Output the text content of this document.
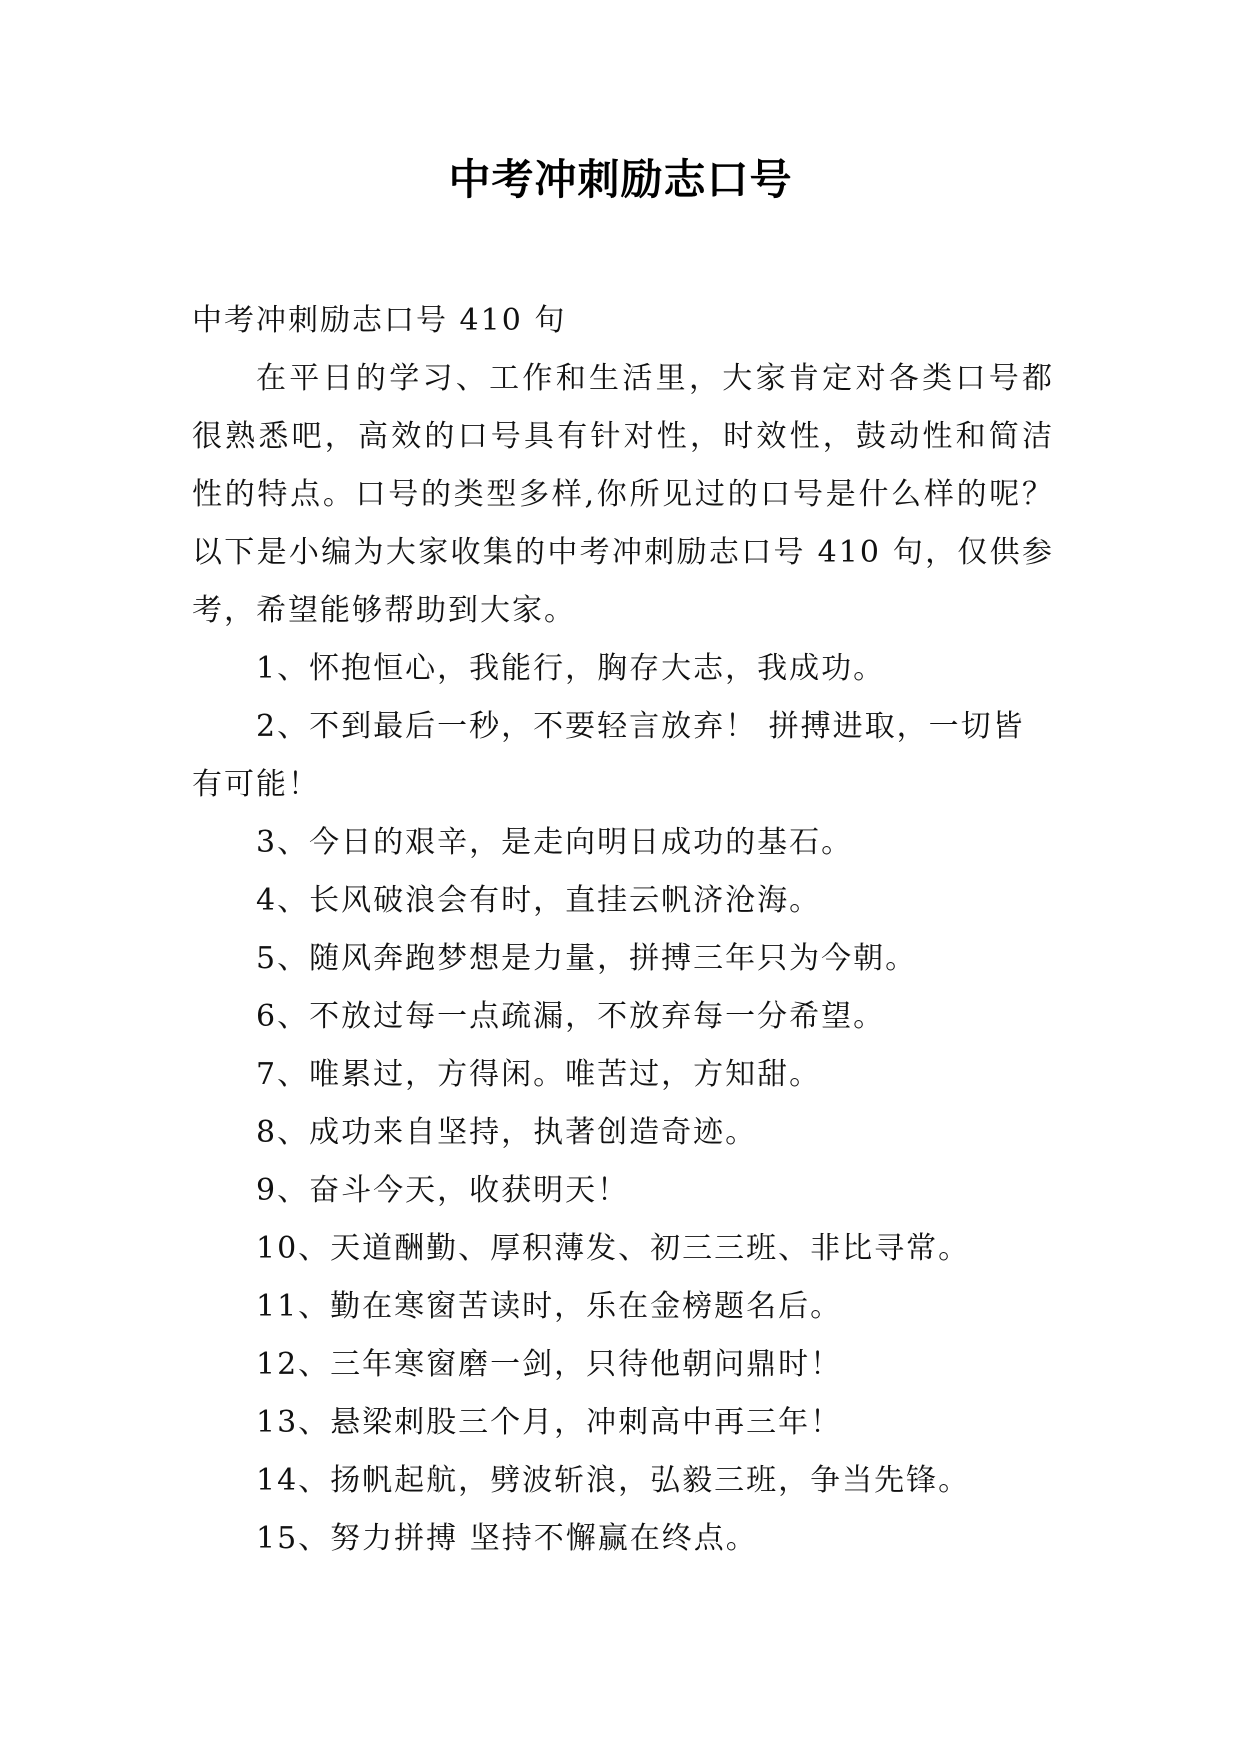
中考冲刺励志口号

中考冲刺励志口号 410 句

在平日的学习、工作和生活里，大家肯定对各类口号都很熟悉吧，高效的口号具有针对性，时效性，鼓动性和简洁性的特点。口号的类型多样,你所见过的口号是什么样的呢？以下是小编为大家收集的中考冲刺励志口号 410 句，仅供参考，希望能够帮助到大家。

1、怀抱恒心，我能行，胸存大志，我成功。
2、不到最后一秒，不要轻言放弃！ 拼搏进取，一切皆有可能！
3、今日的艰辛，是走向明日成功的基石。
4、长风破浪会有时，直挂云帆济沧海。
5、随风奔跑梦想是力量，拼搏三年只为今朝。
6、不放过每一点疏漏，不放弃每一分希望。
7、唯累过，方得闲。唯苦过，方知甜。
8、成功来自坚持，执著创造奇迹。
9、奋斗今天，收获明天！
10、天道酬勤、厚积薄发、初三三班、非比寻常。
11、勤在寒窗苦读时，乐在金榜题名后。
12、三年寒窗磨一剑，只待他朝问鼎时！
13、悬梁刺股三个月，冲刺高中再三年！
14、扬帆起航，劈波斩浪，弘毅三班，争当先锋。
15、努力拼搏 坚持不懈赢在终点。
